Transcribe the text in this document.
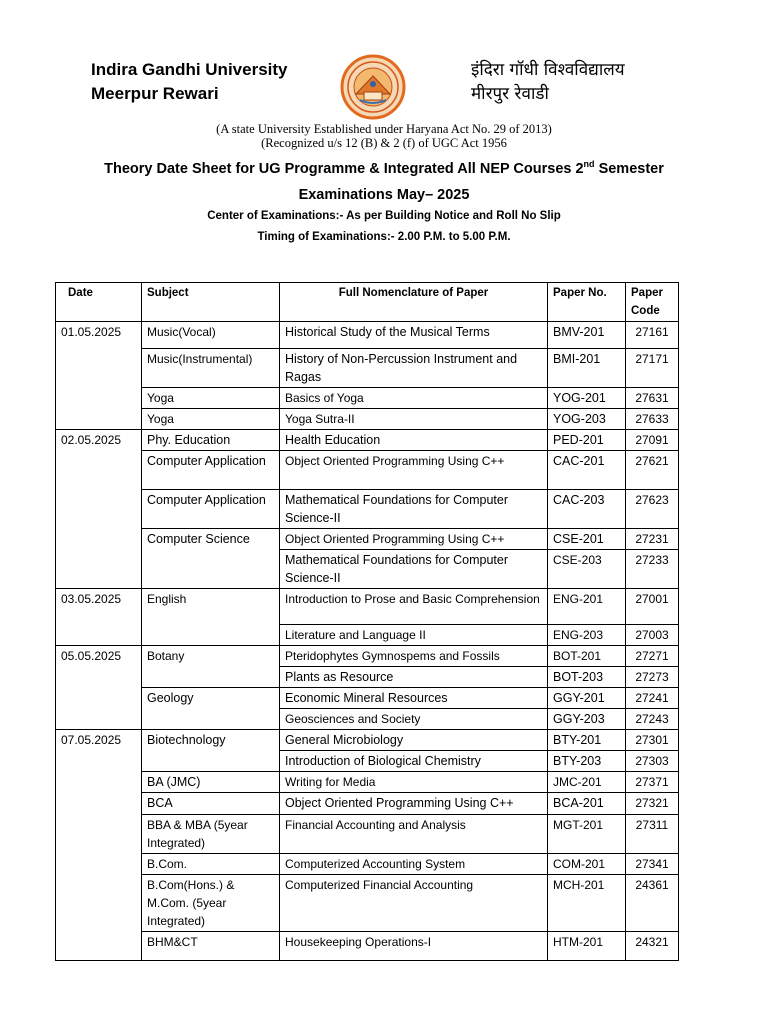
Indira Gandhi University
Meerpur Rewari
इंदिरा गॉधी विश्वविद्यालय
मीरपुर रेवाडी
(A state University Established under Haryana Act No. 29 of 2013)
(Recognized u/s 12 (B) & 2 (f) of UGC Act 1956
Theory Date Sheet for UG Programme & Integrated All NEP Courses 2nd Semester
Examinations May– 2025
Center of Examinations:- As per Building Notice and Roll No Slip
Timing of Examinations:- 2.00 P.M. to 5.00 P.M.
Date	Subject	Full Nomenclature of Paper	Paper No.	Paper Code
01.05.2025	Music(Vocal)	Historical Study of the Musical Terms	BMV-201	27161
	Music(Instrumental)	History of Non-Percussion Instrument and Ragas	BMI-201	27171
	Yoga	Basics of Yoga	YOG-201	27631
	Yoga	Yoga Sutra-II	YOG-203	27633
02.05.2025	Phy. Education	Health Education	PED-201	27091
	Computer Application	Object Oriented Programming Using C++	CAC-201	27621
	Computer Application	Mathematical Foundations for Computer Science-II	CAC-203	27623
	Computer Science	Object Oriented Programming Using C++	CSE-201	27231
		Mathematical Foundations for Computer Science-II	CSE-203	27233
03.05.2025	English	Introduction to Prose and Basic Comprehension	ENG-201	27001
		Literature and Language II	ENG-203	27003
05.05.2025	Botany	Pteridophytes Gymnospems and Fossils	BOT-201	27271
		Plants as Resource	BOT-203	27273
	Geology	Economic Mineral Resources	GGY-201	27241
		Geosciences and Society	GGY-203	27243
07.05.2025	Biotechnology	General Microbiology	BTY-201	27301
		Introduction of Biological Chemistry	BTY-203	27303
	BA (JMC)	Writing for Media	JMC-201	27371
	BCA	Object Oriented Programming Using C++	BCA-201	27321
	BBA & MBA (5year Integrated)	Financial Accounting and Analysis	MGT-201	27311
	B.Com.	Computerized Accounting System	COM-201	27341
	B.Com(Hons.) & M.Com. (5year Integrated)	Computerized Financial Accounting	MCH-201	24361
	BHM&CT	Housekeeping Operations-I	HTM-201	24321
